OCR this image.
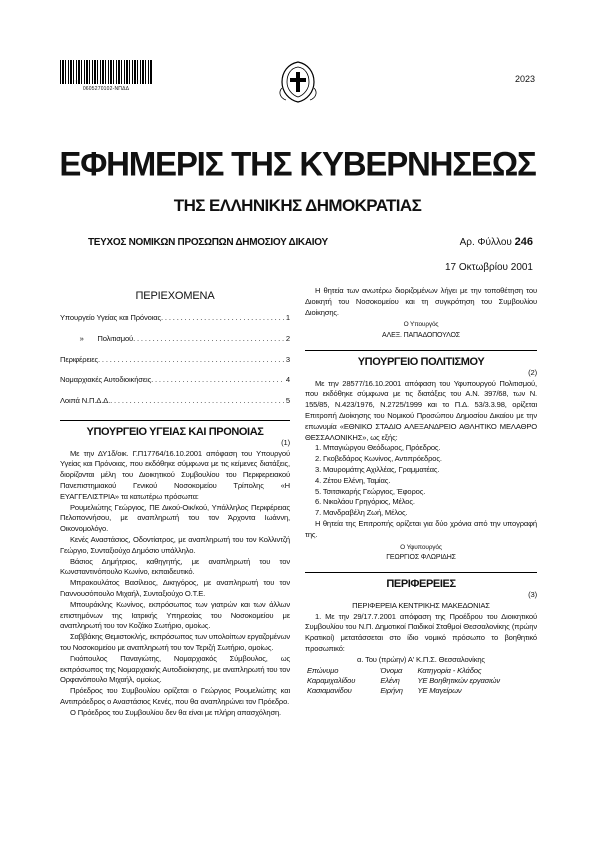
0605270102-ΝΠΔΔ
2023
ΕΦΗΜΕΡΙΣ ΤΗΣ ΚΥΒΕΡΝΗΣΕΩΣ
ΤΗΣ ΕΛΛΗΝΙΚΗΣ ΔΗΜΟΚΡΑΤΙΑΣ
ΤΕΥΧΟΣ ΝΟΜΙΚΩΝ ΠΡΟΣΩΠΩΝ ΔΗΜΟΣΙΟΥ ΔΙΚΑΙΟΥ	Αρ. Φύλλου 246
17 Οκτωβρίου 2001
ΠΕΡΙΕΧΟΜΕΝΑ
Υπουργείο Υγείας και Πρόνοιας . . .	1
»       Πολιτισμού . . .	2
Περιφέρειες . . .	3
Νομαρχιακές Αυτοδιοικήσεις . . .	4
Λοιπά Ν.Π.Δ.Δ. . . .	5
ΥΠΟΥΡΓΕΙΟ ΥΓΕΙΑΣ ΚΑΙ ΠΡΟΝΟΙΑΣ
(1)

Με την ΔΥ1δ/οικ. Γ.Π17764/16.10.2001 απόφαση του Υπουργού Υγείας και Πρόνοιας, που εκδόθηκε σύμφωνα με τις κείμενες διατάξεις, διορίζονται μέλη του Διοικητικού Συμβουλίου του Περιφερειακού Πανεπιστημιακού Γενικού Νοσοκομείου Τρίπολης «Η ΕΥΑΓΓΕΛΙΣΤΡΙΑ» τα κατωτέρω πρόσωπα:

Ρουμελιώτης Γεώργιος, ΠΕ Δικού-Οικ/κού, Υπάλληλος Περιφέρειας Πελοποννήσου, με αναπληρωτή του τον Άρχοντα Ιωάννη, Οικονομολόγο.

Κενές Αναστάσιος, Οδοντίατρος, με αναπληρωτή του τον Κολλιντζή Γεώργιο, Συνταξιούχο Δημόσιο υπάλληλο.

Βάσιος Δημήτριος, καθηγητής, με αναπληρωτή του τον Κωνσταντινόπουλο Κωνίνο, εκπαιδευτικό.

Μπρακουλάτος Βασίλειος, Δικηγόρος, με αναπληρωτή του τον Γιαννουσόπουλο Μιχαήλ, Συνταξιούχο Ο.Τ.Ε.

Μπουράκλης Κωνίνος, εκπρόσωπος των γιατρών και των άλλων επιστημόνων της Ιατρικής Υπηρεσίας του Νοσοκομείου με αναπληρωτή του τον Κοζάκο Σωτήριο, ομοίως.

Σαββάκης Θεμιστοκλής, εκπρόσωπος των υπολοίπων εργαζομένων του Νοσοκομείου με αναπληρωτή του τον Τεριζή Σωτήριο, ομοίως.

Γκιόπουλος Παναγιώτης, Νομαρχιακός Σύμβουλος, ως εκπρόσωπος της Νομαρχιακής Αυτοδιοίκησης, με αναπληρωτή του τον Ορφανόπουλο Μιχαήλ, ομοίως.

Πρόεδρος του Συμβουλίου ορίζεται ο Γεώργιος Ρουμελιώτης και Αντιπρόεδρος ο Αναστάσιος Κενές, που θα αναπληρώνει τον Πρόεδρο.

Ο Πρόεδρος του Συμβουλίου δεν θα είναι με πλήρη απασχόληση.

Η θητεία των ανωτέρω διοριζομένων λήγει με την τοποθέτηση του Διοικητή του Νοσοκομείου και τη συγκρότηση του Συμβουλίου Διοίκησης.

Ο Υπουργός
ΑΛΕΞ. ΠΑΠΑΔΟΠΟΥΛΟΣ
ΥΠΟΥΡΓΕΙΟ ΠΟΛΙΤΙΣΜΟΥ
(2)

Με την 28577/16.10.2001 απόφαση του Υφυπουργού Πολιτισμού, που εκδόθηκε σύμφωνα με τις διατάξεις του Α.Ν. 397/68, των Ν. 155/85, Ν.423/1976, Ν.2725/1999 και το Π.Δ. 53/3.3.98, ορίζεται Επιτροπή Διοίκησης του Νομικού Προσώπου Δημοσίου Δικαίου με την επωνυμία «ΕΘΝΙΚΟ ΣΤΑΔΙΟ ΑΛΕΞΑΝΔΡΕΙΟ ΑΘΛΗΤΙΚΟ ΜΕΛΑΘΡΟ ΘΕΣΣΑΛΟΝΙΚΗΣ», ως εξής:

1. Μπαγιώργου Θεόδωρος, Πρόεδρος.
2. Γκοβεδάρος Κωνίνος, Αντιπρόεδρος.
3. Μαυρομάτης Αχιλλέας, Γραμματέας.
4. Ζέτου Ελένη, Ταμίας.
5. Τσιτσικαρής Γεώργιος, Έφορος.
6. Νικολάου Γρηγόριος, Μέλος.
7. Μανδραβέλη Ζωή, Μέλος.

Η θητεία της Επιτροπής ορίζεται για δύο χρόνια από την υπογραφή της.

Ο Υφυπουργός
ΓΕΩΡΓΙΟΣ ΦΛΩΡΙΔΗΣ
ΠΕΡΙΦΕΡΕΙΕΣ
(3)
ΠΕΡΙΦΕΡΕΙΑ ΚΕΝΤΡΙΚΗΣ ΜΑΚΕΔΟΝΙΑΣ

1. Με την 29/17.7.2001 απόφαση της Προέδρου του Διοικητικού Συμβουλίου του Ν.Π. Δημοτικοί Παιδικοί Σταθμοί Θεσσαλονίκης (πρώην Κρατικοί) μετατάσσεται στο ίδιο νομικό πρόσωπο το βοηθητικό προσωπικό:

α. Του (πρώην) Α' Κ.Π.Σ. Θεσσαλονίκης
Επώνυμο	Όνομα	Κατηγορία - Κλάδος
Καραμιχαλίδου	Ελένη	ΥΕ Βοηθητικών εργασιών
Κασιαμανίδου	Ειρήνη	ΥΕ Μαγείρων
